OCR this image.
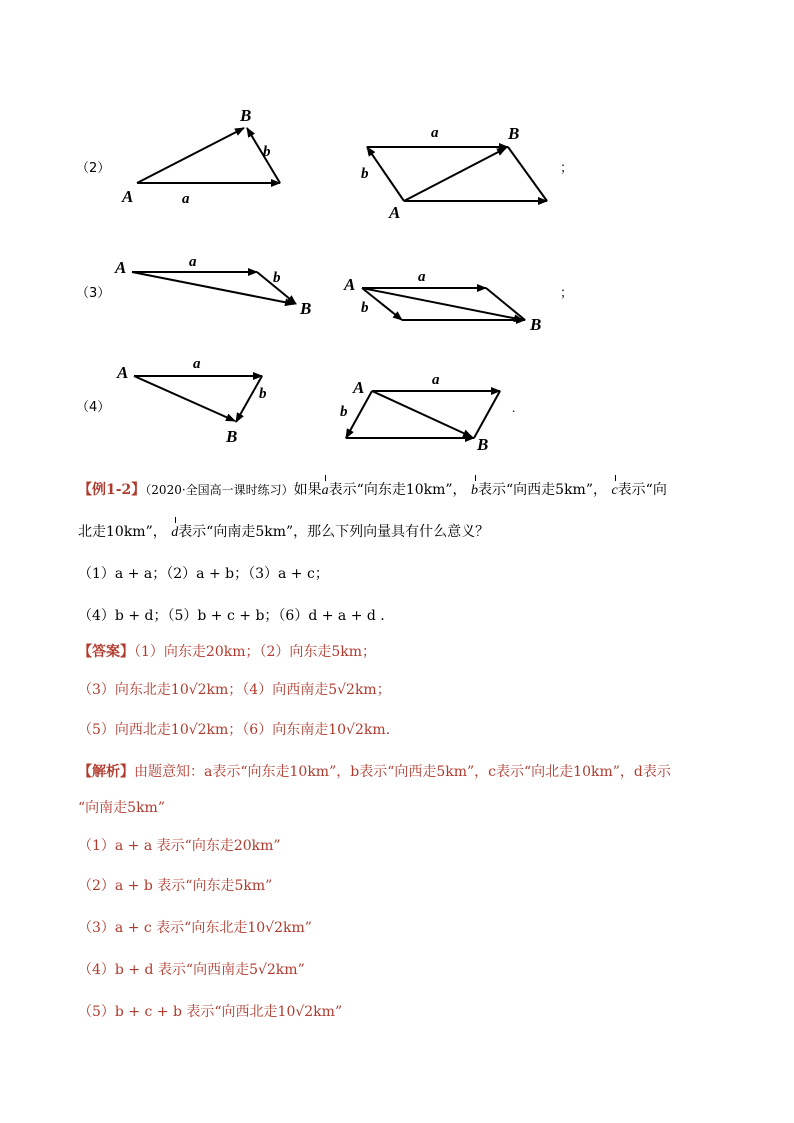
A
B
a
b
A
B
a
b	；
A
B
a
b	A
B
a
b
；
A
B
a
b	A
B
a
b	.
（2）
（3）
（4）
【例1-2】（2020·全国高一课时练习）如果a表示“向东走10km”， b表示“向西走5km”， c表示“向
北走10km”， d表示“向南走5km”，那么下列向量具有什么意义？
（1）a + a；（2）a + b；（3）a + c；
（4）b + d；（5）b + c + b；（6）d + a + d .
【答案】（1）向东走20km；（2）向东走5km；
（3）向东北走10√2km；（4）向西南走5√2km；
（5）向西北走10√2km；（6）向东南走10√2km.
【解析】由题意知：a表示“向东走10km”，b表示“向西走5km”，c表示“向北走10km”，d表示
“向南走5km”
（1）a + a 表示“向东走20km”
（2）a + b 表示“向东走5km”
（3）a + c 表示“向东北走10√2km”
（4）b + d 表示“向西南走5√2km”
（5）b + c + b 表示“向西北走10√2km”
